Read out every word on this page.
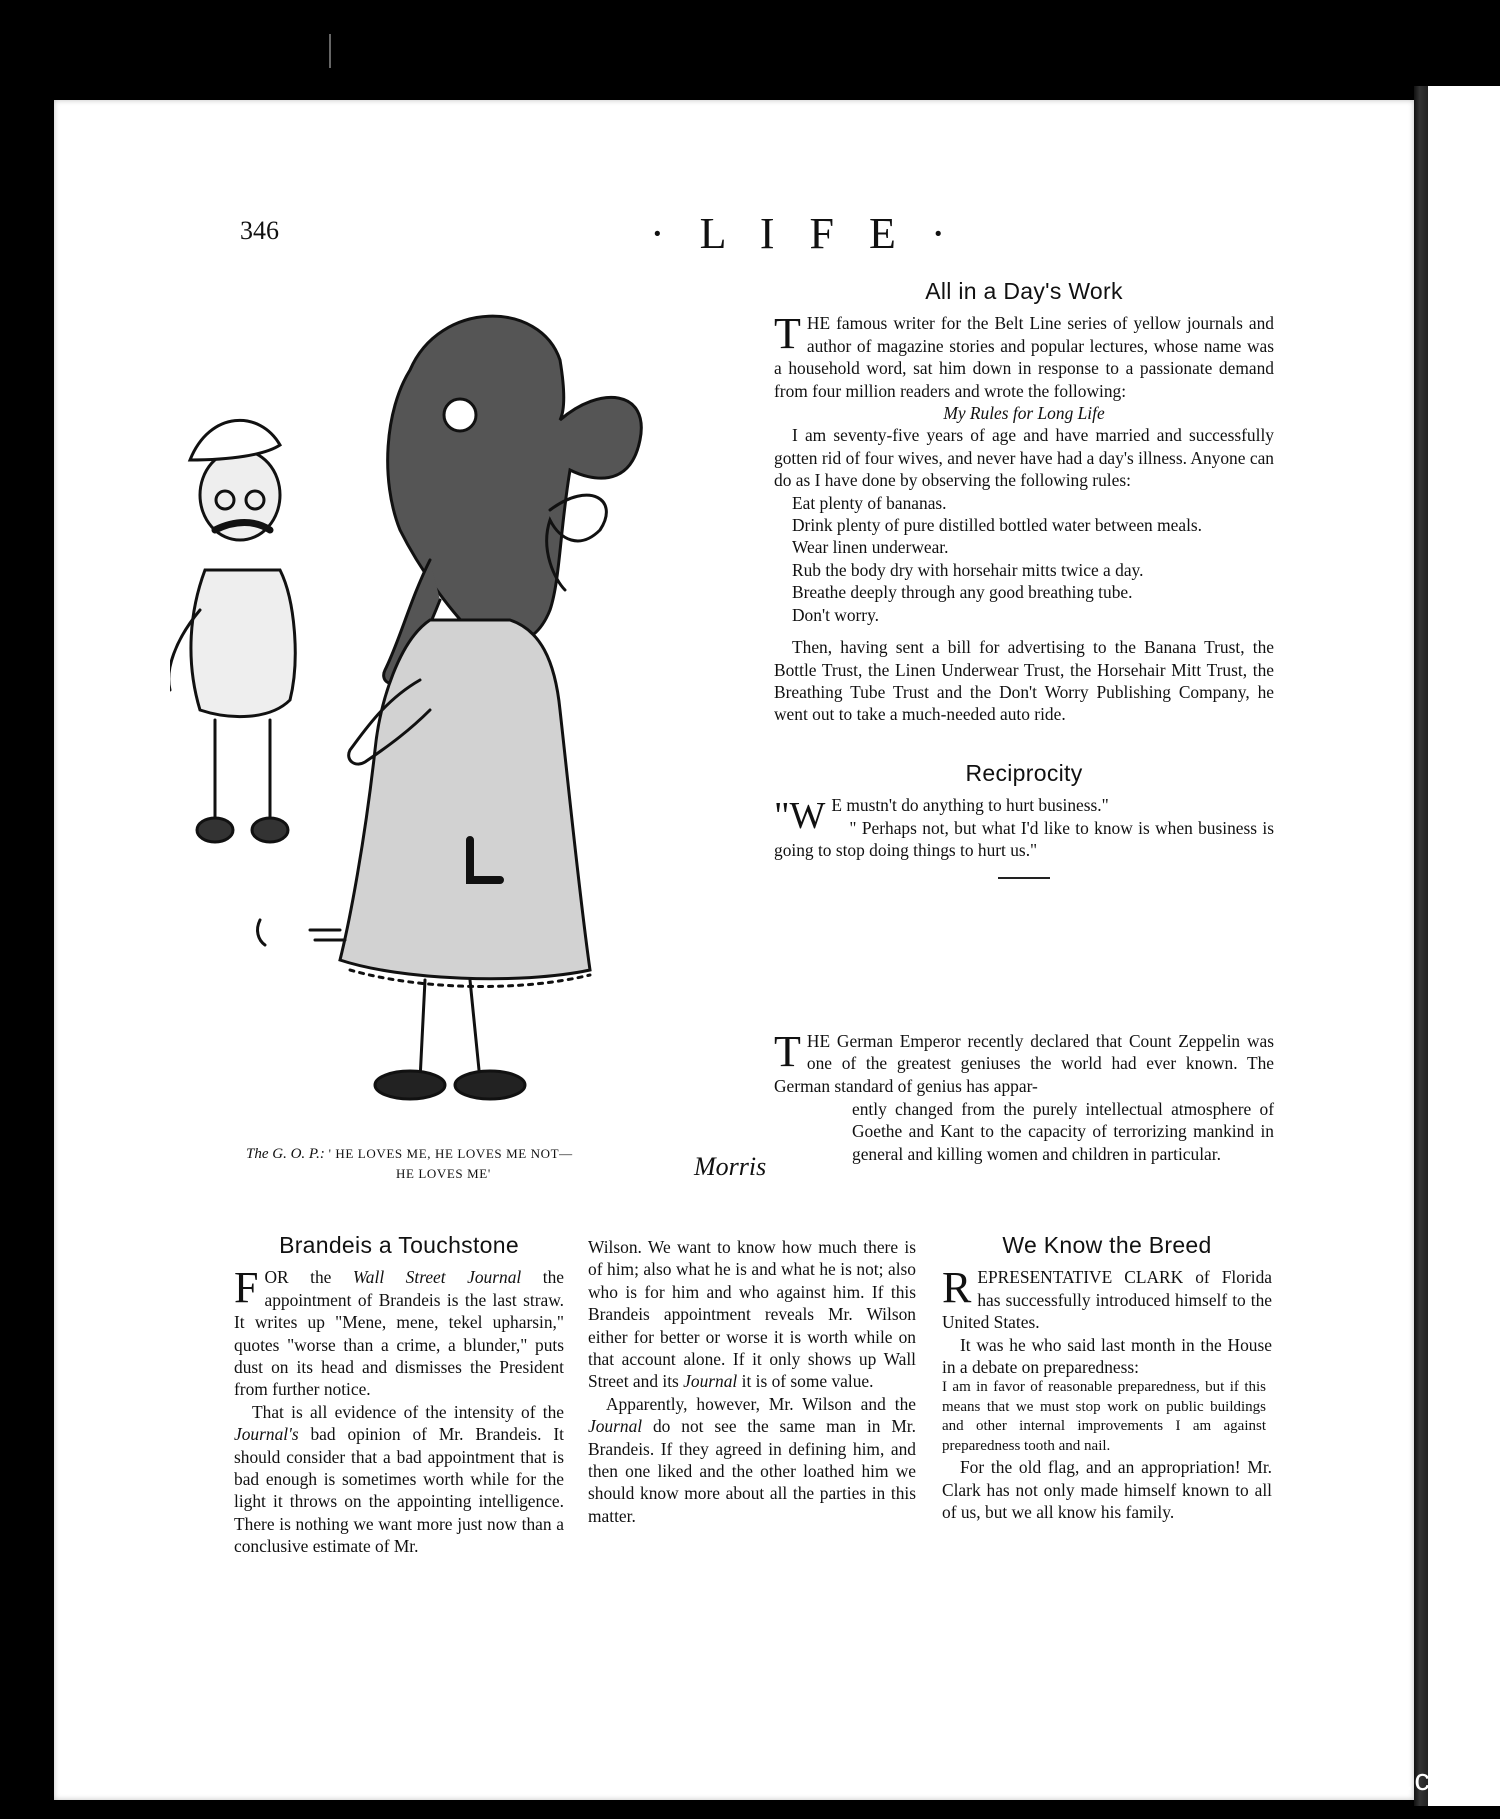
346	· L I F E ·
The G. O. P.: ' HE LOVES ME, HE LOVES ME NOT—
HE LOVES ME'	Morris
All in a Day's Work

THE famous writer for the Belt Line series of yellow journals and author of magazine stories and popular lectures, whose name was a household word, sat him down in response to a passionate demand from four million readers and wrote the following:

My Rules for Long Life

I am seventy-five years of age and have married and successfully gotten rid of four wives, and never have had a day's illness. Anyone can do as I have done by observing the following rules:

Eat plenty of bananas.

Drink plenty of pure distilled bottled water between meals.

Wear linen underwear.

Rub the body dry with horsehair mitts twice a day.

Breathe deeply through any good breathing tube.

Don't worry.

Then, having sent a bill for advertising to the Banana Trust, the Bottle Trust, the Linen Underwear Trust, the Horsehair Mitt Trust, the Breathing Tube Trust and the Don't Worry Publishing Company, he went out to take a much-needed auto ride.

Reciprocity

"W E mustn't do anything to hurt business."

" Perhaps not, but what I'd like to know is when business is going to stop doing things to hurt us."

THE German Emperor recently declared that Count Zeppelin was one of the greatest geniuses the world had ever known. The German standard of genius has appar-

ently changed from the purely intellectual atmosphere of Goethe and Kant to the capacity of terrorizing mankind in general and killing women and children in particular.

Brandeis a Touchstone

FOR the Wall Street Journal the appointment of Brandeis is the last straw. It writes up "Mene, mene, tekel upharsin," quotes "worse than a crime, a blunder," puts dust on its head and dismisses the President from further notice.

That is all evidence of the intensity of the Journal's bad opinion of Mr. Brandeis. It should consider that a bad appointment that is bad enough is sometimes worth while for the light it throws on the appointing intelligence. There is nothing we want more just now than a conclusive estimate of Mr.

Wilson. We want to know how much there is of him; also what he is and what he is not; also who is for him and who against him. If this Brandeis appointment reveals Mr. Wilson either for better or worse it is worth while on that account alone. If it only shows up Wall Street and its Journal it is of some value.

Apparently, however, Mr. Wilson and the Journal do not see the same man in Mr. Brandeis. If they agreed in defining him, and then one liked and the other loathed him we should know more about all the parties in this matter.

We Know the Breed

REPRESENTATIVE CLARK of Florida has successfully introduced himself to the United States.

It was he who said last month in the House in a debate on preparedness:

I am in favor of reasonable preparedness, but if this means that we must stop work on public buildings and other internal improvements I am against preparedness tooth and nail.

For the old flag, and an appropriation! Mr. Clark has not only made himself known to all of us, but we all know his family.

comicbooks.com
